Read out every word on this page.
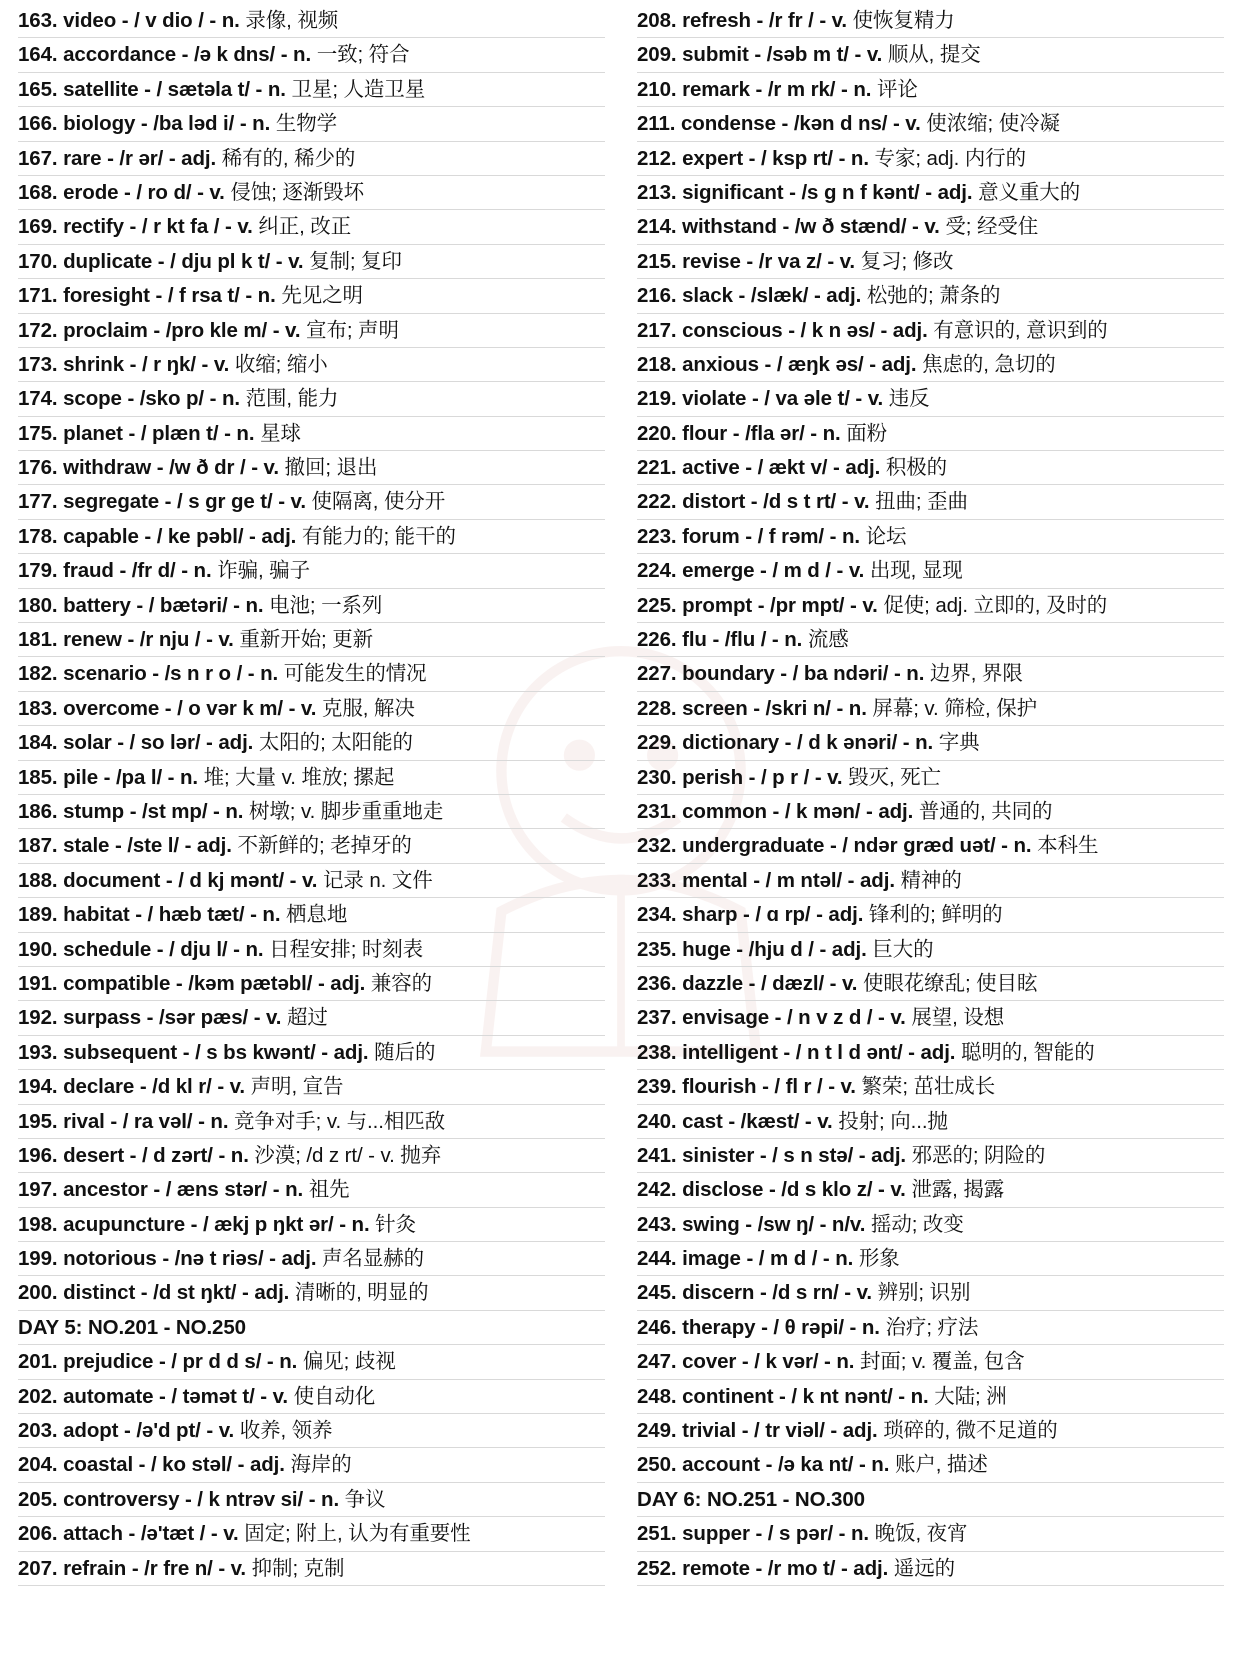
163. video - / v dio / - n. 录像, 视频
164. accordance - /ə k dns/ - n. 一致; 符合
165. satellite - / sætəla t/ - n. 卫星; 人造卫星
166. biology - /ba ləd i/ - n. 生物学
167. rare - /r ər/ - adj. 稀有的, 稀少的
168. erode - / ro d/ - v. 侵蚀; 逐渐毁坏
169. rectify - / r kt fa / - v. 纠正, 改正
170. duplicate - / dju pl k t/ - v. 复制; 复印
171. foresight - / f rsa t/ - n. 先见之明
172. proclaim - /pro kle m/ - v. 宣布; 声明
173. shrink - / r ŋk/ - v. 收缩; 缩小
174. scope - /sko p/ - n. 范围, 能力
175. planet - / plæn t/ - n. 星球
176. withdraw - /w ð dr / - v. 撤回; 退出
177. segregate - / s gr ge t/ - v. 使隔离, 使分开
178. capable - / ke pəbl/ - adj. 有能力的; 能干的
179. fraud - /fr d/ - n. 诈骗, 骗子
180. battery - / bætəri/ - n. 电池; 一系列
181. renew - /r nju / - v. 重新开始; 更新
182. scenario - /s n r o / - n. 可能发生的情况
183. overcome - / o vər k m/ - v. 克服, 解决
184. solar - / so lər/ - adj. 太阳的; 太阳能的
185. pile - /pa l/ - n. 堆; 大量 v. 堆放; 摞起
186. stump - /st mp/ - n. 树墩; v. 脚步重重地走
187. stale - /ste l/ - adj. 不新鲜的; 老掉牙的
188. document - / d kj mənt/ - v. 记录 n. 文件
189. habitat - / hæb tæt/ - n. 栖息地
190. schedule - / dju l/ - n. 日程安排; 时刻表
191. compatible - /kəm pætəbl/ - adj. 兼容的
192. surpass - /sər pæs/ - v. 超过
193. subsequent - / s bs kwənt/ - adj. 随后的
194. declare - /d kl r/ - v. 声明, 宣告
195. rival - / ra vəl/ - n. 竞争对手; v. 与...相匹敌
196. desert - / d zərt/ - n. 沙漠; /d z rt/ - v. 抛弃
197. ancestor - / æns stər/ - n. 祖先
198. acupuncture - / ækj p ŋkt ər/ - n. 针灸
199. notorious - /nə t riəs/ - adj. 声名显赫的
200. distinct - /d st ŋkt/ - adj. 清晰的, 明显的
DAY 5: NO.201 - NO.250
201. prejudice - / pr d d s/ - n. 偏见; 歧视
202. automate - / təmət t/ - v. 使自动化
203. adopt - /ə'd pt/ - v. 收养, 领养
204. coastal - / ko stəl/ - adj. 海岸的
205. controversy - / k ntrəv si/ - n. 争议
206. attach - /ə'tæt / - v. 固定; 附上, 认为有重要性
207. refrain - /r fre n/ - v. 抑制; 克制
208. refresh - /r fr / - v. 使恢复精力
209. submit - /səb m t/ - v. 顺从, 提交
210. remark - /r m rk/ - n. 评论
211. condense - /kən d ns/ - v. 使浓缩; 使冷凝
212. expert - / ksp rt/ - n. 专家; adj. 内行的
213. significant - /s g n f kənt/ - adj. 意义重大的
214. withstand - /w ð stænd/ - v. 受; 经受住
215. revise - /r va z/ - v. 复习; 修改
216. slack - /slæk/ - adj. 松弛的; 萧条的
217. conscious - / k n əs/ - adj. 有意识的, 意识到的
218. anxious - / æŋk əs/ - adj. 焦虑的, 急切的
219. violate - / va əle t/ - v. 违反
220. flour - /fla ər/ - n. 面粉
221. active - / ækt v/ - adj. 积极的
222. distort - /d s t rt/ - v. 扭曲; 歪曲
223. forum - / f rəm/ - n. 论坛
224. emerge - / m d / - v. 出现, 显现
225. prompt - /pr mpt/ - v. 促使; adj. 立即的, 及时的
226. flu - /flu / - n. 流感
227. boundary - / ba ndəri/ - n. 边界, 界限
228. screen - /skri n/ - n. 屏幕; v. 筛检, 保护
229. dictionary - / d k ənəri/ - n. 字典
230. perish - / p r / - v. 毁灭, 死亡
231. common - / k mən/ - adj. 普通的, 共同的
232. undergraduate - / ndər græd uət/ - n. 本科生
233. mental - / m ntəl/ - adj. 精神的
234. sharp - / ɑ rp/ - adj. 锋利的; 鲜明的
235. huge - /hju d / - adj. 巨大的
236. dazzle - / dæzl/ - v. 使眼花缭乱; 使目眩
237. envisage - / n v z d / - v. 展望, 设想
238. intelligent - / n t l d ənt/ - adj. 聪明的, 智能的
239. flourish - / fl r / - v. 繁荣; 茁壮成长
240. cast - /kæst/ - v. 投射; 向...抛
241. sinister - / s n stə/ - adj. 邪恶的; 阴险的
242. disclose - /d s klo z/ - v. 泄露, 揭露
243. swing - /sw ŋ/ - n/v. 摇动; 改变
244. image - / m d / - n. 形象
245. discern - /d s rn/ - v. 辨别; 识别
246. therapy - / θ rəpi/ - n. 治疗; 疗法
247. cover - / k vər/ - n. 封面; v. 覆盖, 包含
248. continent - / k nt nənt/ - n. 大陆; 洲
249. trivial - / tr viəl/ - adj. 琐碎的, 微不足道的
250. account - /ə ka nt/ - n. 账户, 描述
DAY 6: NO.251 - NO.300
251. supper - / s pər/ - n. 晚饭, 夜宵
252. remote - /r mo t/ - adj. 遥远的
